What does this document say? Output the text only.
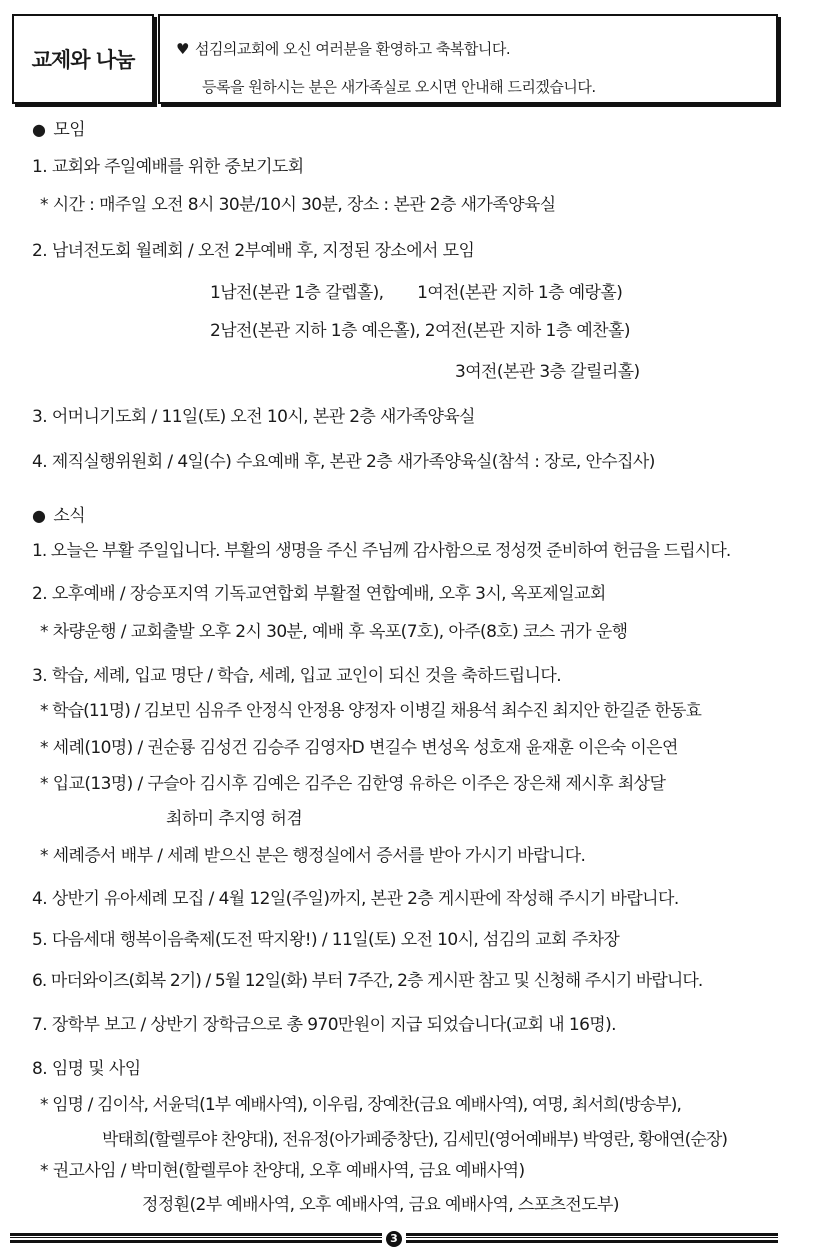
교제와 나눔	♥ 섬김의교회에 오신 여러분을 환영하고 축복합니다.
등록을 원하시는 분은 새가족실로 오시면 안내해 드리겠습니다.
● 모임
1. 교회와 주일예배를 위한 중보기도회
* 시간 : 매주일 오전 8시 30분/10시 30분, 장소 : 본관 2층 새가족양육실
2. 남녀전도회 월례회 / 오전 2부예배 후, 지정된 장소에서 모임
1남전(본관 1층 갈렙홀),       1여전(본관 지하 1층 예랑홀)
2남전(본관 지하 1층 예은홀), 2여전(본관 지하 1층 예찬홀)
3여전(본관 3층 갈릴리홀)
3. 어머니기도회 / 11일(토) 오전 10시, 본관 2층 새가족양육실
4. 제직실행위원회 / 4일(수) 수요예배 후, 본관 2층 새가족양육실(참석 : 장로, 안수집사)
● 소식
1. 오늘은 부활 주일입니다. 부활의 생명을 주신 주님께 감사함으로 정성껏 준비하여 헌금을 드립시다.
2. 오후예배 / 장승포지역 기독교연합회 부활절 연합예배, 오후 3시, 옥포제일교회
* 차량운행 / 교회출발 오후 2시 30분, 예배 후 옥포(7호), 아주(8호) 코스 귀가 운행
3. 학습, 세례, 입교 명단 / 학습, 세례, 입교 교인이 되신 것을 축하드립니다.
* 학습(11명) / 김보민 심유주 안정식 안정용 양정자 이병길 채용석 최수진 최지안 한길준 한동효
* 세례(10명) / 권순룡 김성건 김승주 김영자D 변길수 변성옥 성호재 윤재훈 이은숙 이은연
* 입교(13명) / 구슬아 김시후 김예은 김주은 김한영 유하은 이주은 장은채 제시후 최상달
최하미 추지영 허겸
* 세례증서 배부 / 세례 받으신 분은 행정실에서 증서를 받아 가시기 바랍니다.
4. 상반기 유아세례 모집 / 4월 12일(주일)까지, 본관 2층 게시판에 작성해 주시기 바랍니다.
5. 다음세대 행복이음축제(도전 딱지왕!) / 11일(토) 오전 10시, 섬김의 교회 주차장
6. 마더와이즈(회복 2기) / 5월 12일(화) 부터 7주간, 2층 게시판 참고 및 신청해 주시기 바랍니다.
7. 장학부 보고 / 상반기 장학금으로 총 970만원이 지급 되었습니다(교회 내 16명).
8. 임명 및 사임
* 임명 / 김이삭, 서윤덕(1부 예배사역), 이우림, 장예찬(금요 예배사역), 여명, 최서희(방송부),
박태희(할렐루야 찬양대), 전유정(아가페중창단), 김세민(영어예배부) 박영란, 황애연(순장)
* 권고사임 / 박미현(할렐루야 찬양대, 오후 예배사역, 금요 예배사역)
정정훤(2부 예배사역, 오후 예배사역, 금요 예배사역, 스포츠전도부)
3
